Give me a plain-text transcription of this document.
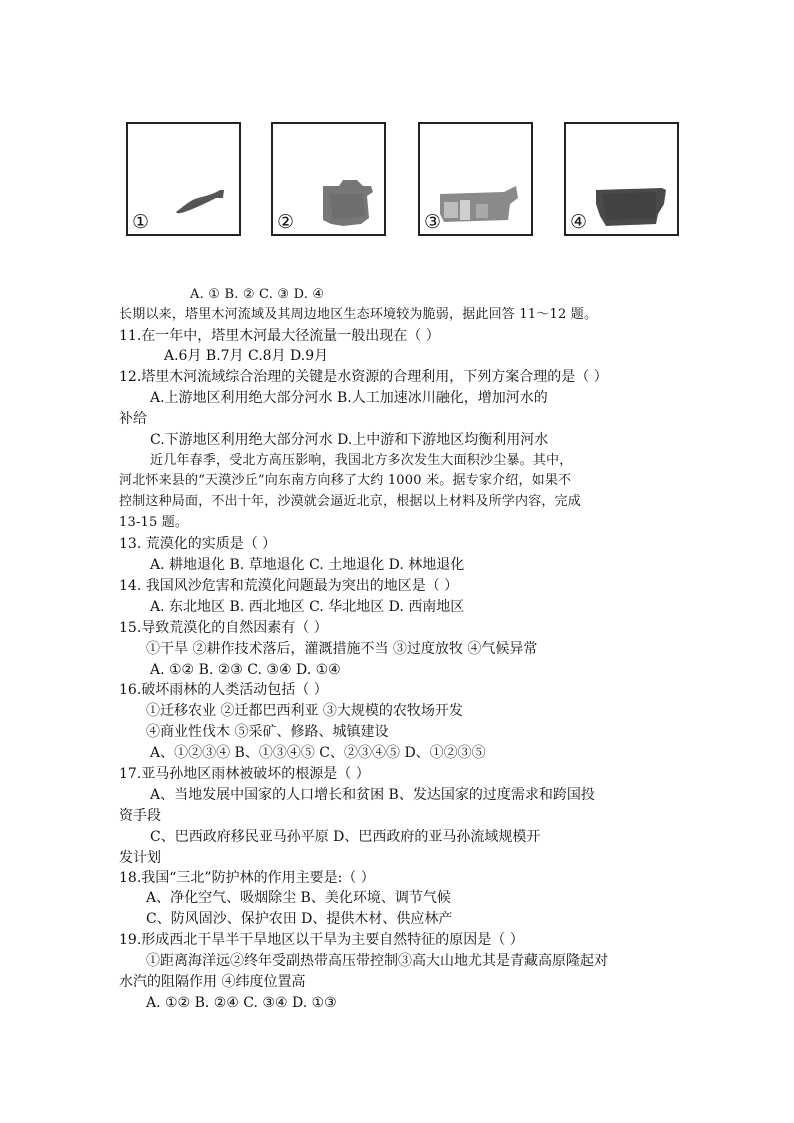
①	②	③	④
A. ① B. ② C. ③ D. ④
长期以来，塔里木河流域及其周边地区生态环境较为脆弱，据此回答 11～12 题。
11.在一年中，塔里木河最大径流量一般出现在（ ）
A.6月 B.7月 C.8月 D.9月
12.塔里木河流域综合治理的关键是水资源的合理利用，下列方案合理的是（ ）
A.上游地区利用绝大部分河水 B.人工加速冰川融化，增加河水的
补给
C.下游地区利用绝大部分河水 D.上中游和下游地区均衡利用河水
近几年春季，受北方高压影响，我国北方多次发生大面积沙尘暴。其中，
河北怀来县的“天漠沙丘”向东南方向移了大约 1000 米。据专家介绍，如果不
控制这种局面，不出十年，沙漠就会逼近北京，根据以上材料及所学内容，完成
13-15 题。
13. 荒漠化的实质是（ ）
A. 耕地退化 B. 草地退化 C. 土地退化 D. 林地退化
14. 我国风沙危害和荒漠化问题最为突出的地区是（ ）
A. 东北地区 B. 西北地区 C. 华北地区 D. 西南地区
15.导致荒漠化的自然因素有（ ）
①干旱 ②耕作技术落后，灌溉措施不当 ③过度放牧 ④气候异常
A. ①② B. ②③ C. ③④ D. ①④
16.破坏雨林的人类活动包括（ ）
①迁移农业 ②迁都巴西利亚 ③大规模的农牧场开发
④商业性伐木 ⑤采矿、修路、城镇建设
A、①②③④ B、①③④⑤ C、②③④⑤ D、①②③⑤
17.亚马孙地区雨林被破坏的根源是（ ）
A、当地发展中国家的人口增长和贫困 B、发达国家的过度需求和跨国投
资手段
C、巴西政府移民亚马孙平原 D、巴西政府的亚马孙流域规模开
发计划
18.我国“三北”防护林的作用主要是:（ ）
A、净化空气、吸烟除尘 B、美化环境、调节气候
C、防风固沙、保护农田 D、提供木材、供应林产
19.形成西北干旱半干旱地区以干旱为主要自然特征的原因是（ ）
①距离海洋远②终年受副热带高压带控制③高大山地尤其是青藏高原隆起对
水汽的阻隔作用 ④纬度位置高
A. ①② B. ②④ C. ③④ D. ①③
